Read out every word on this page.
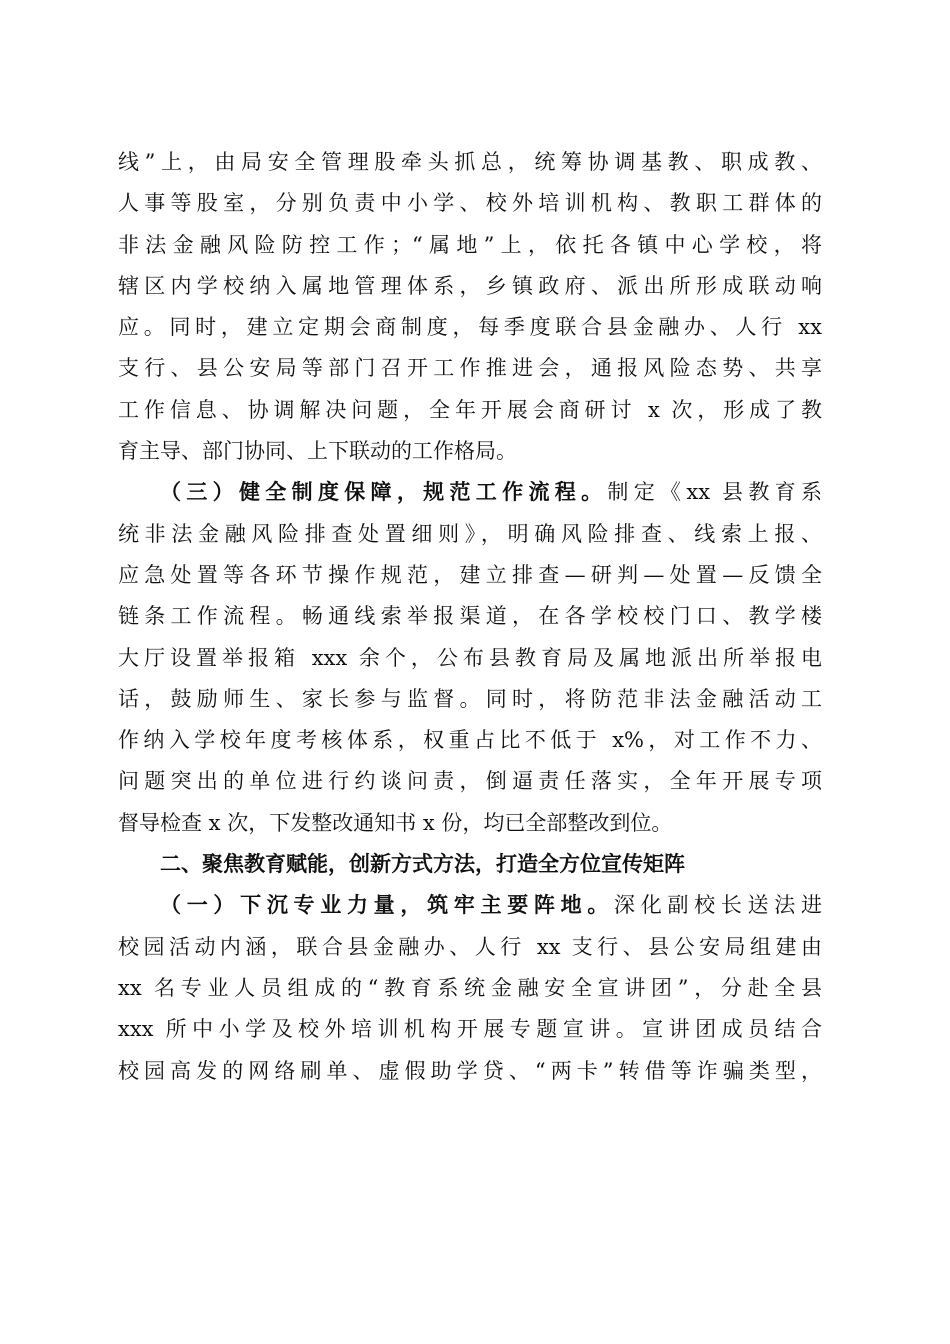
线”上，由局安全管理股牵头抓总，统筹协调基教、职成教、
人事等股室，分别负责中小学、校外培训机构、教职工群体的
非法金融风险防控工作；“属地”上，依托各镇中心学校，将
辖区内学校纳入属地管理体系，乡镇政府、派出所形成联动响
应。同时，建立定期会商制度，每季度联合县金融办、人行 xx
支行、县公安局等部门召开工作推进会，通报风险态势、共享
工作信息、协调解决问题，全年开展会商研讨 x 次，形成了教
育主导、部门协同、上下联动的工作格局。
（三）健全制度保障，规范工作流程。制定《xx 县教育系
统非法金融风险排查处置细则》，明确风险排查、线索上报、
应急处置等各环节操作规范，建立排查—研判—处置—反馈全
链条工作流程。畅通线索举报渠道，在各学校校门口、教学楼
大厅设置举报箱 xxx 余个，公布县教育局及属地派出所举报电
话，鼓励师生、家长参与监督。同时，将防范非法金融活动工
作纳入学校年度考核体系，权重占比不低于 x%，对工作不力、
问题突出的单位进行约谈问责，倒逼责任落实，全年开展专项
督导检查 x 次，下发整改通知书 x 份，均已全部整改到位。
二、聚焦教育赋能，创新方式方法，打造全方位宣传矩阵
（一）下沉专业力量，筑牢主要阵地。深化副校长送法进
校园活动内涵，联合县金融办、人行 xx 支行、县公安局组建由
xx 名专业人员组成的“教育系统金融安全宣讲团”，分赴全县
xxx 所中小学及校外培训机构开展专题宣讲。宣讲团成员结合
校园高发的网络刷单、虚假助学贷、“两卡”转借等诈骗类型，
